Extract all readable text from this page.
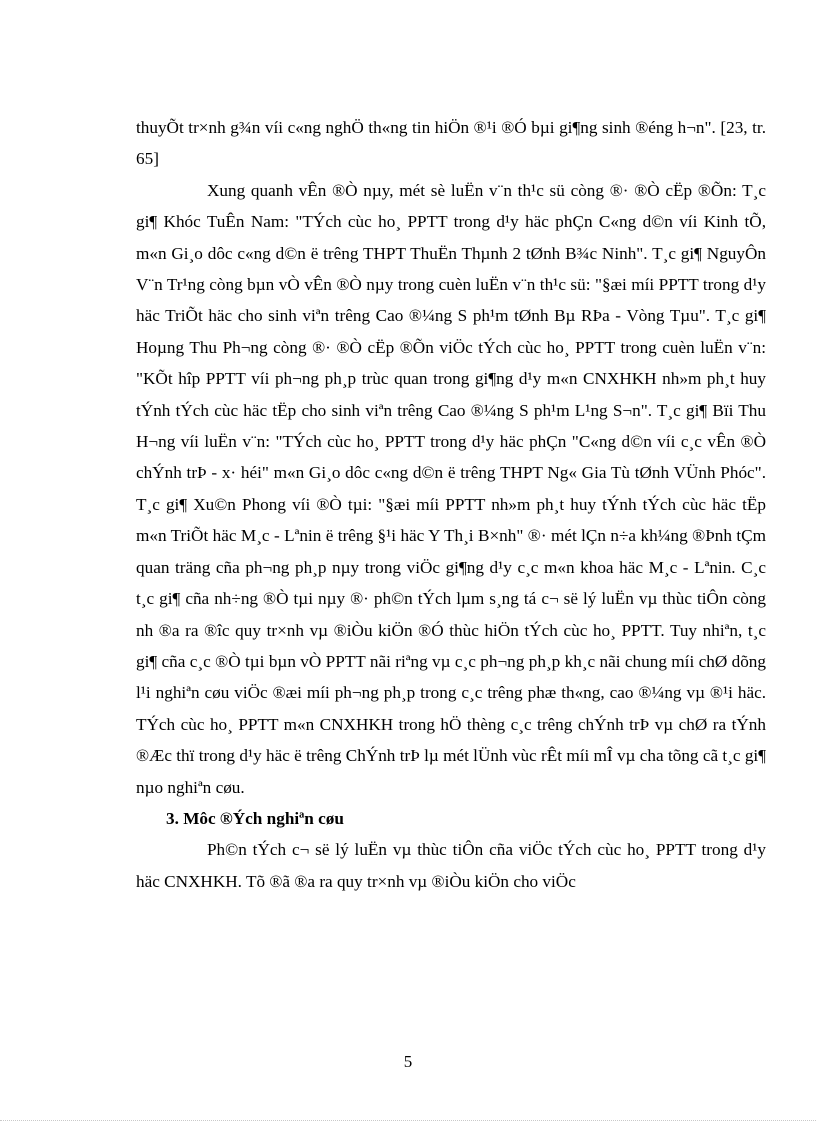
thuyÕt tr×nh g¾n víi c«ng nghÖ th«ng tin hiÖn ®¹i ®Ó bµi gi¶ng sinh ®éng h¬n". [23, tr. 65]

Xung quanh vÊn ®Ò nµy, mét sè luËn v¨n th¹c sü còng ®· ®Ò cËp ®Õn: T¸c gi¶ Khóc TuÊn Nam: "TÝch cùc ho¸ PPTT trong d¹y häc phÇn C«ng d©n víi Kinh tÕ, m«n Gi¸o dôc c«ng d©n ë trêng THPT ThuËn Thµnh 2 tØnh B¾c Ninh". T¸c gi¶ NguyÔn V¨n Tr¹ng còng bµn vÒ vÊn ®Ò nµy trong cuèn luËn v¨n th¹c sü: "§æi míi PPTT trong d¹y häc TriÕt häc cho sinh viªn trêng Cao ®¼ng S ph¹m tØnh Bµ RÞa - Vòng Tµu". T¸c gi¶ Hoµng Thu Ph¬ng còng ®· ®Ò cËp ®Õn viÖc tÝch cùc ho¸ PPTT trong cuèn luËn v¨n: "KÕt hîp PPTT víi ph¬ng ph¸p trùc quan trong gi¶ng d¹y m«n CNXHKH nh»m ph¸t huy tÝnh tÝch cùc häc tËp cho sinh viªn trêng Cao ®¼ng S ph¹m L¹ng S¬n". T¸c gi¶ Bïi Thu H¬ng víi luËn v¨n: "TÝch cùc ho¸ PPTT trong d¹y häc phÇn "C«ng d©n víi c¸c vÊn ®Ò chÝnh trÞ - x· héi" m«n Gi¸o dôc c«ng d©n ë trêng THPT Ng« Gia Tù tØnh VÜnh Phóc". T¸c gi¶ Xu©n Phong víi ®Ò tµi: "§æi míi PPTT nh»m ph¸t huy tÝnh tÝch cùc häc tËp m«n TriÕt häc M¸c - Lªnin ë trêng §¹i häc Y Th¸i B×nh" ®· mét lÇn n÷a kh¼ng ®Þnh tÇm quan träng cña ph¬ng ph¸p nµy trong viÖc gi¶ng d¹y c¸c m«n khoa häc M¸c - Lªnin. C¸c t¸c gi¶ cña nh÷ng ®Ò tµi nµy ®· ph©n tÝch lµm s¸ng tá c¬ së lý luËn vµ thùc tiÔn còng nh ®a ra ®îc quy tr×nh vµ ®iÒu kiÖn ®Ó thùc hiÖn tÝch cùc ho¸ PPTT. Tuy nhiªn, t¸c gi¶ cña c¸c ®Ò tµi bµn vÒ PPTT nãi riªng vµ c¸c ph¬ng ph¸p kh¸c nãi chung míi chØ dõng l¹i nghiªn cøu viÖc ®æi míi ph¬ng ph¸p trong c¸c trêng phæ th«ng, cao ®¼ng vµ ®¹i häc. TÝch cùc ho¸ PPTT m«n CNXHKH trong hÖ thèng c¸c trêng chÝnh trÞ vµ chØ ra tÝnh ®Æc thï trong d¹y häc ë trêng ChÝnh trÞ lµ mét lÜnh vùc rÊt míi mÎ vµ cha tõng cã t¸c gi¶ nµo nghiªn cøu.

3. Môc ®Ých nghiªn cøu

Ph©n tÝch c¬ së lý luËn vµ thùc tiÔn cña viÖc tÝch cùc ho¸ PPTT trong d¹y häc CNXHKH. Tõ ®ã ®a ra quy tr×nh vµ ®iÒu kiÖn cho viÖc

5
